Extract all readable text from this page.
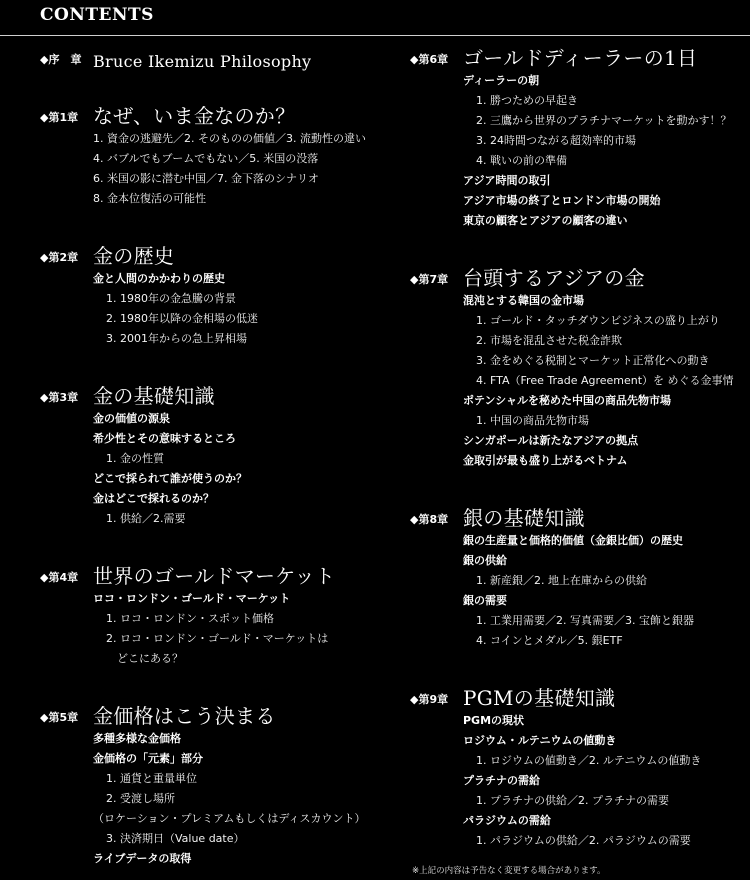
CONTENTS
◆序　章 Bruce Ikemizu Philosophy
◆第1章 なぜ、いま金なのか？
1. 資金の逃避先／2. そのものの価値／3. 流動性の違い
4. バブルでもブームでもない／5. 米国の没落
6. 米国の影に潜む中国／7. 金下落のシナリオ
8. 金本位復活の可能性
◆第2章 金の歴史
金と人間のかかわりの歴史
1. 1980年の金急騰の背景
2. 1980年以降の金相場の低迷
3. 2001年からの急上昇相場
◆第3章 金の基礎知識
金の価値の源泉
希少性とその意味するところ
1. 金の性質
どこで採られて誰が使うのか？
金はどこで採れるのか？
1. 供給／2.需要
◆第4章 世界のゴールドマーケット
ロコ・ロンドン・ゴールド・マーケット
1. ロコ・ロンドン・スポット価格
2. ロコ・ロンドン・ゴールド・マーケットは
どこにある？
◆第5章 金価格はこう決まる
多種多様な金価格
金価格の「元素」部分
1. 通貨と重量単位
2. 受渡し場所
（ロケーション・プレミアムもしくはディスカウント）
3. 決済期日（Value date）
ライブデータの取得
◆第6章 ゴールドディーラーの1日
ディーラーの朝
1. 勝つための早起き
2. 三鷹から世界のプラチナマーケットを動かす！？
3. 24時間つながる超効率的市場
4. 戦いの前の準備
アジア時間の取引
アジア市場の終了とロンドン市場の開始
東京の顧客とアジアの顧客の違い
◆第7章 台頭するアジアの金
混沌とする韓国の金市場
1. ゴールド・タッチダウンビジネスの盛り上がり
2. 市場を混乱させた税金詐欺
3. 金をめぐる税制とマーケット正常化への動き
4. FTA（Free Trade Agreement）を めぐる金事情
ポテンシャルを秘めた中国の商品先物市場
1. 中国の商品先物市場
シンガポールは新たなアジアの拠点
金取引が最も盛り上がるベトナム
◆第8章 銀の基礎知識
銀の生産量と価格的価値（金銀比価）の歴史
銀の供給
1. 新産銀／2. 地上在庫からの供給
銀の需要
1. 工業用需要／2. 写真需要／3. 宝飾と銀器
4. コインとメダル／5. 銀ETF
◆第9章 PGMの基礎知識
PGMの現状
ロジウム・ルテニウムの値動き
1. ロジウムの値動き／2. ルテニウムの値動き
プラチナの需給
1. プラチナの供給／2. プラチナの需要
パラジウムの需給
1. パラジウムの供給／2. パラジウムの需要
※上記の内容は予告なく変更する場合があります。
